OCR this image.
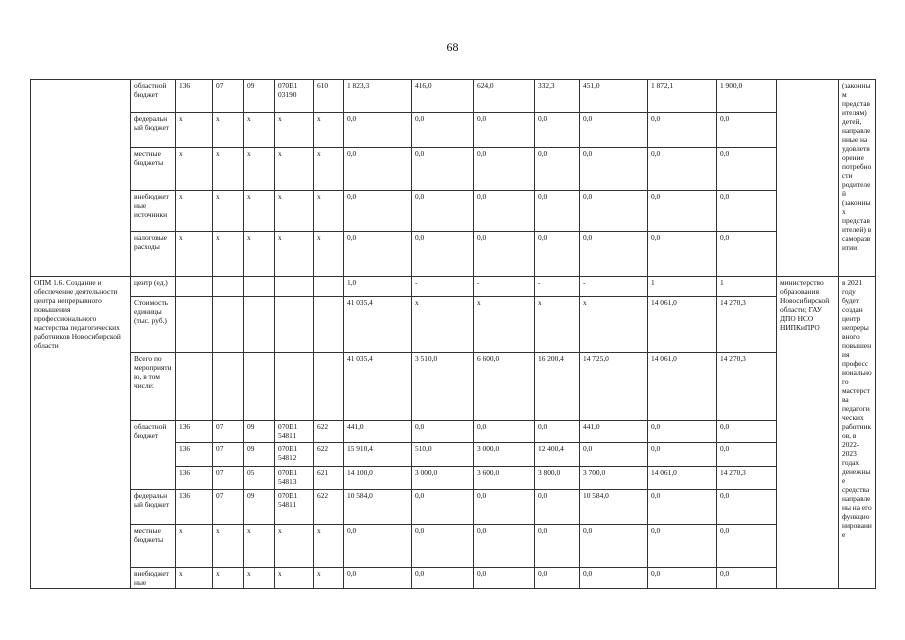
68
	областной бюджет	136	07	09	070E1 03190	610	1 823,3	416,0	624,0	332,3	451,0	1 872,1	1 900,0		(законным представителям) детей, направленные на удовлетворение потребности родителей (законных представителей) в саморазвитии
	федеральный бюджет	x	x	x	x	x	0,0	0,0	0,0	0,0	0,0	0,0	0,0		
	местные бюджеты	x	x	x	x	x	0,0	0,0	0,0	0,0	0,0	0,0	0,0		
	внебюджетные источники	x	x	x	x	x	0,0	0,0	0,0	0,0	0,0	0,0	0,0		
	налоговые расходы	x	x	x	x	x	0,0	0,0	0,0	0,0	0,0	0,0	0,0		
ОПМ 1.6. Создание и обеспечение деятельности центра непрерывного повышения профессионального мастерства педагогических работников Новосибирской области	центр (ед.)						1,0	-	-	-	-	1	1	министерство образования Новосибирской области; ГАУ ДПО НСО НИПКиПРО	в 2021 году будет создан центр непрерывного повышения профессионального мастерства педагогических работников, в 2022-2023 годах денежные средства направлены на его функционирование
	Стоимость единицы (тыс. руб.)						41 035,4	x	x	x	x	14 061,0	14 270,3		
	Всего по мероприятию, в том числе:						41 035,4	3 510,0	6 600,0	16 200,4	14 725,0	14 061,0	14 270,3		
	областной бюджет	136	07	09	070E1 54811	622	441,0	0,0	0,0	0,0	441,0	0,0	0,0		
		136	07	09	070E1 54812	622	15 910,4	510,0	3 000,0	12 400,4	0,0	0,0	0,0		
		136	07	05	070E1 54813	621	14 100,0	3 000,0	3 600,0	3 800,0	3 700,0	14 061,0	14 270,3		
	федеральный бюджет	136	07	09	070E1 54811	622	10 584,0	0,0	0,0	0,0	10 584,0	0,0	0,0		
	местные бюджеты	x	x	x	x	x	0,0	0,0	0,0	0,0	0,0	0,0	0,0		
	внебюджетные	x	x	x	x	x	0,0	0,0	0,0	0,0	0,0	0,0	0,0		
